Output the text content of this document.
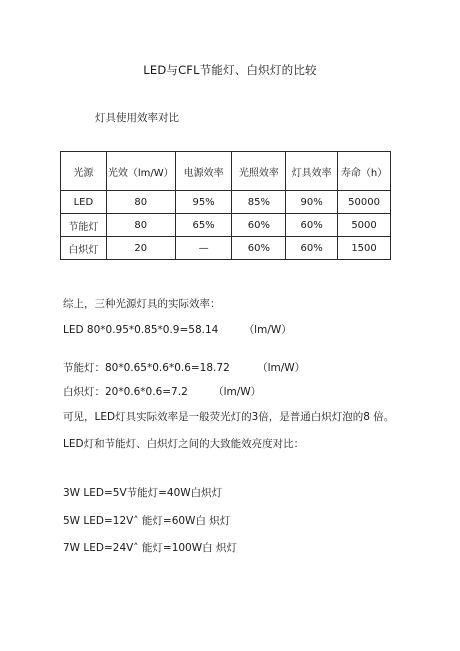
LED与CFL节能灯、白炽灯的比较
灯具使用效率对比
光源	光效（lm/W）	电源效率	光照效率	灯具效率	寿命（h）
LED	80	95%	85%	90%	50000
节能灯	80	65%	60%	60%	5000
白炽灯	20	—	60%	60%	1500
综上，三种光源灯具的实际效率：
LED 80*0.95*0.85*0.9=58.14 （lm/W）
节能灯：80*0.65*0.6*0.6=18.72	（lm/W）
白炽灯：20*0.6*0.6=7.2 （lm/W）
可见，LED灯具实际效率是一般荧光灯的3倍，是普通白炽灯泡的8 倍。
LED灯和节能灯、白炽灯之间的大致能效亮度对比：
3W LED=5V节能灯=40W白炽灯
5W LED=12V˄ 能灯=60W白 炽灯
7W LED=24V˄ 能灯=100W白 炽灯
